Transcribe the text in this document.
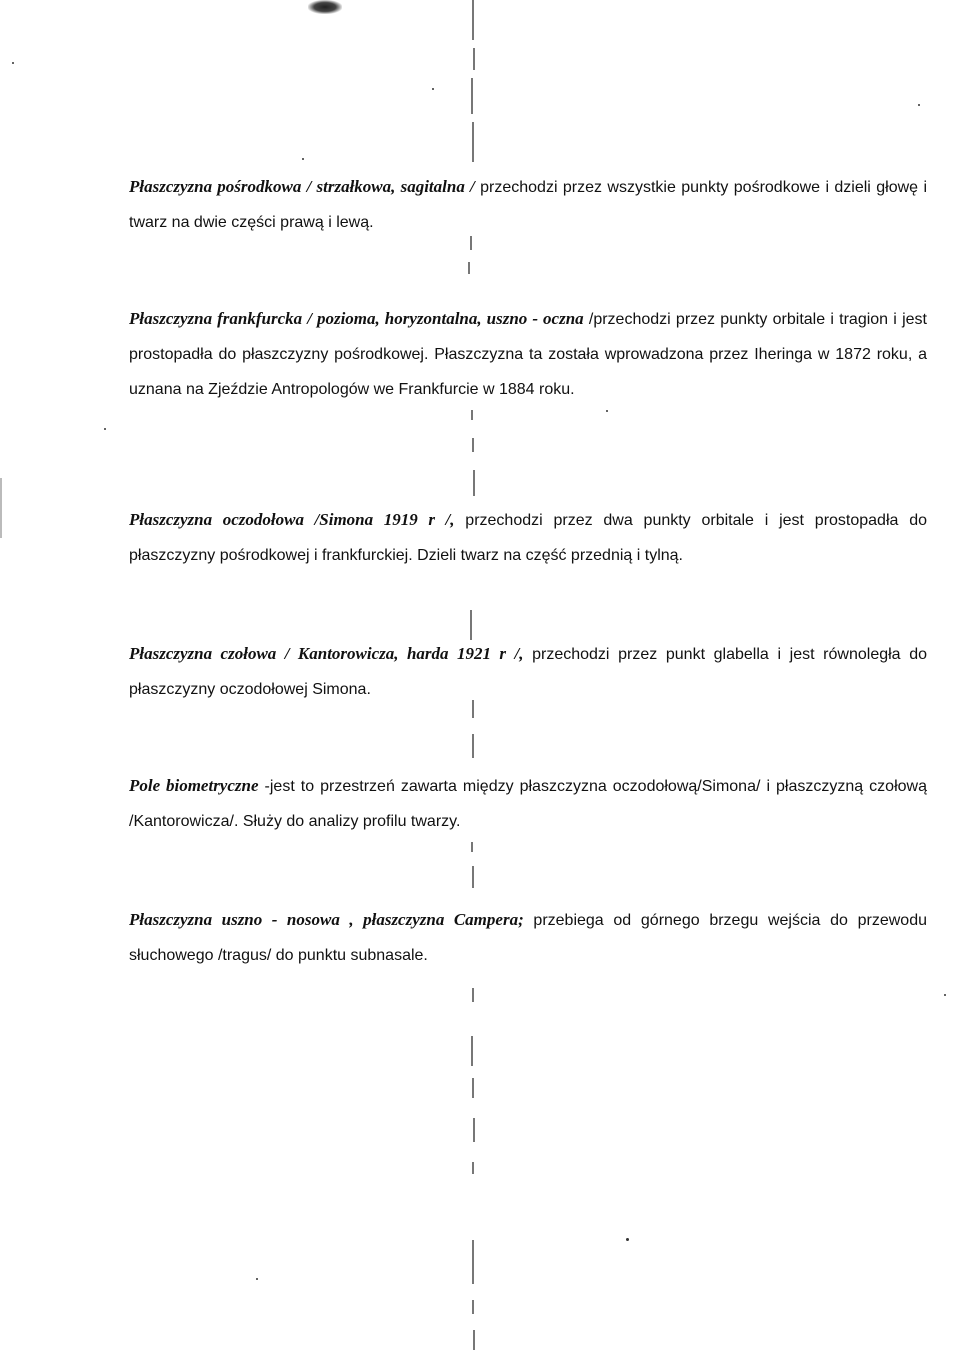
Płaszczyzna pośrodkowa / strzałkowa, sagitalna / przechodzi przez wszystkie punkty pośrodkowe i dzieli głowę i twarz na dwie części prawą i lewą.

Płaszczyzna frankfurcka / pozioma, horyzontalna, uszno - oczna /przechodzi przez punkty orbitale i tragion i jest prostopadła do płaszczyzny pośrodkowej. Płaszczyzna ta została wprowadzona przez Iheringa w 1872 roku, a uznana na Zjeździe Antropologów we Frankfurcie w 1884 roku.

Płaszczyzna oczodołowa /Simona 1919 r /, przechodzi przez dwa punkty orbitale i jest prostopadła do płaszczyzny pośrodkowej i frankfurckiej. Dzieli twarz na część przednią i tylną.

Płaszczyzna czołowa / Kantorowicza, harda 1921 r /, przechodzi przez punkt glabella i jest równoległa do płaszczyzny oczodołowej Simona.

Pole biometryczne -jest to przestrzeń zawarta między płaszczyzna oczodołową/Simona/ i płaszczyzną czołową /Kantorowicza/. Służy do analizy profilu twarzy.

Płaszczyzna uszno - nosowa , płaszczyzna Campera; przebiega od górnego brzegu wejścia do przewodu słuchowego /tragus/ do punktu subnasale.
